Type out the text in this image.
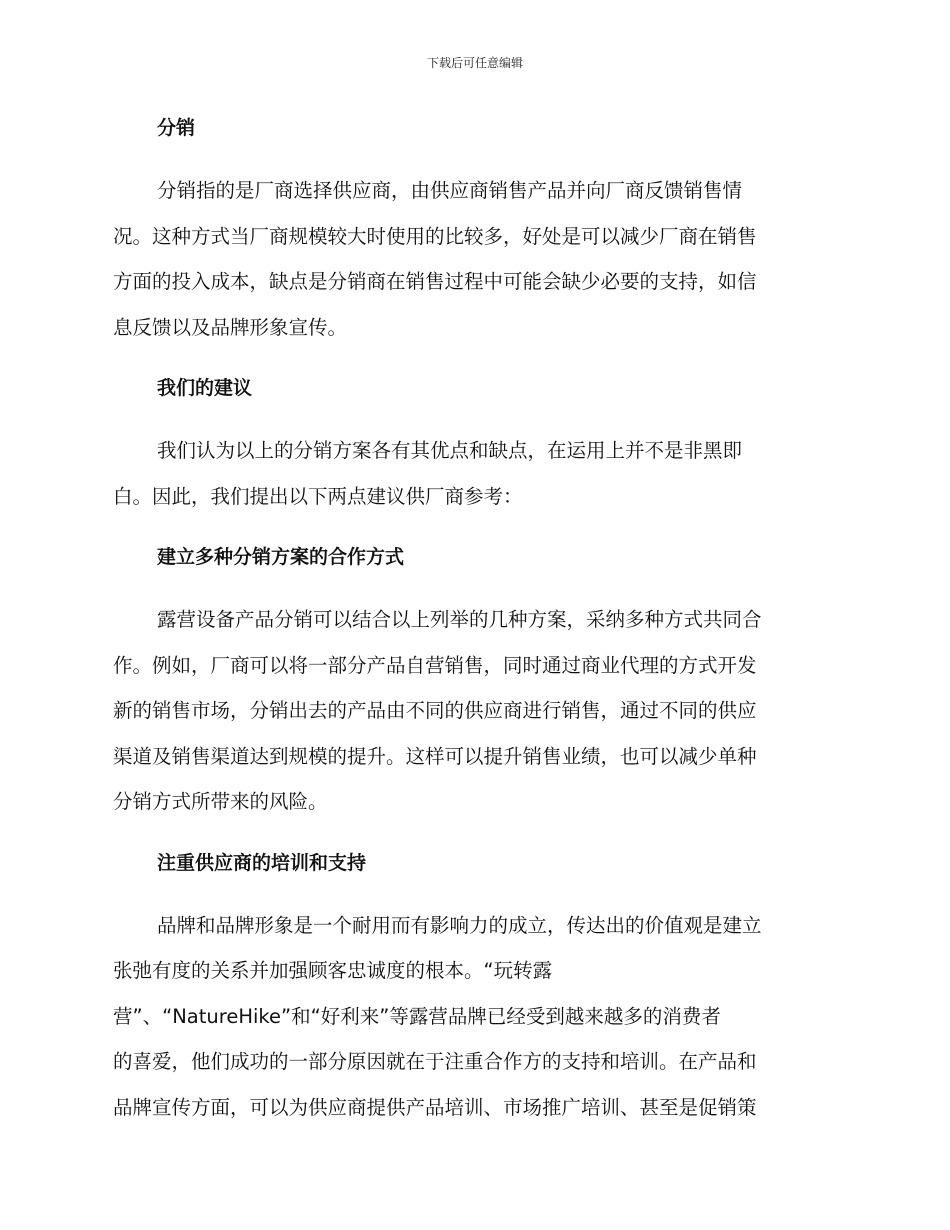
下载后可任意编辑
分销

分销指的是厂商选择供应商，由供应商销售产品并向厂商反馈销售情
况。这种方式当厂商规模较大时使用的比较多，好处是可以减少厂商在销售
方面的投入成本，缺点是分销商在销售过程中可能会缺少必要的支持，如信
息反馈以及品牌形象宣传。

我们的建议

我们认为以上的分销方案各有其优点和缺点，在运用上并不是非黑即
白。因此，我们提出以下两点建议供厂商参考：

建立多种分销方案的合作方式

露营设备产品分销可以结合以上列举的几种方案，采纳多种方式共同合
作。例如，厂商可以将一部分产品自营销售，同时通过商业代理的方式开发
新的销售市场，分销出去的产品由不同的供应商进行销售，通过不同的供应
渠道及销售渠道达到规模的提升。这样可以提升销售业绩，也可以减少单种
分销方式所带来的风险。

注重供应商的培训和支持

品牌和品牌形象是一个耐用而有影响力的成立，传达出的价值观是建立
张弛有度的关系并加强顾客忠诚度的根本。“玩转露
营”、“NatureHike”和“好利来”等露营品牌已经受到越来越多的消费者
的喜爱，他们成功的一部分原因就在于注重合作方的支持和培训。在产品和
品牌宣传方面，可以为供应商提供产品培训、市场推广培训、甚至是促销策
